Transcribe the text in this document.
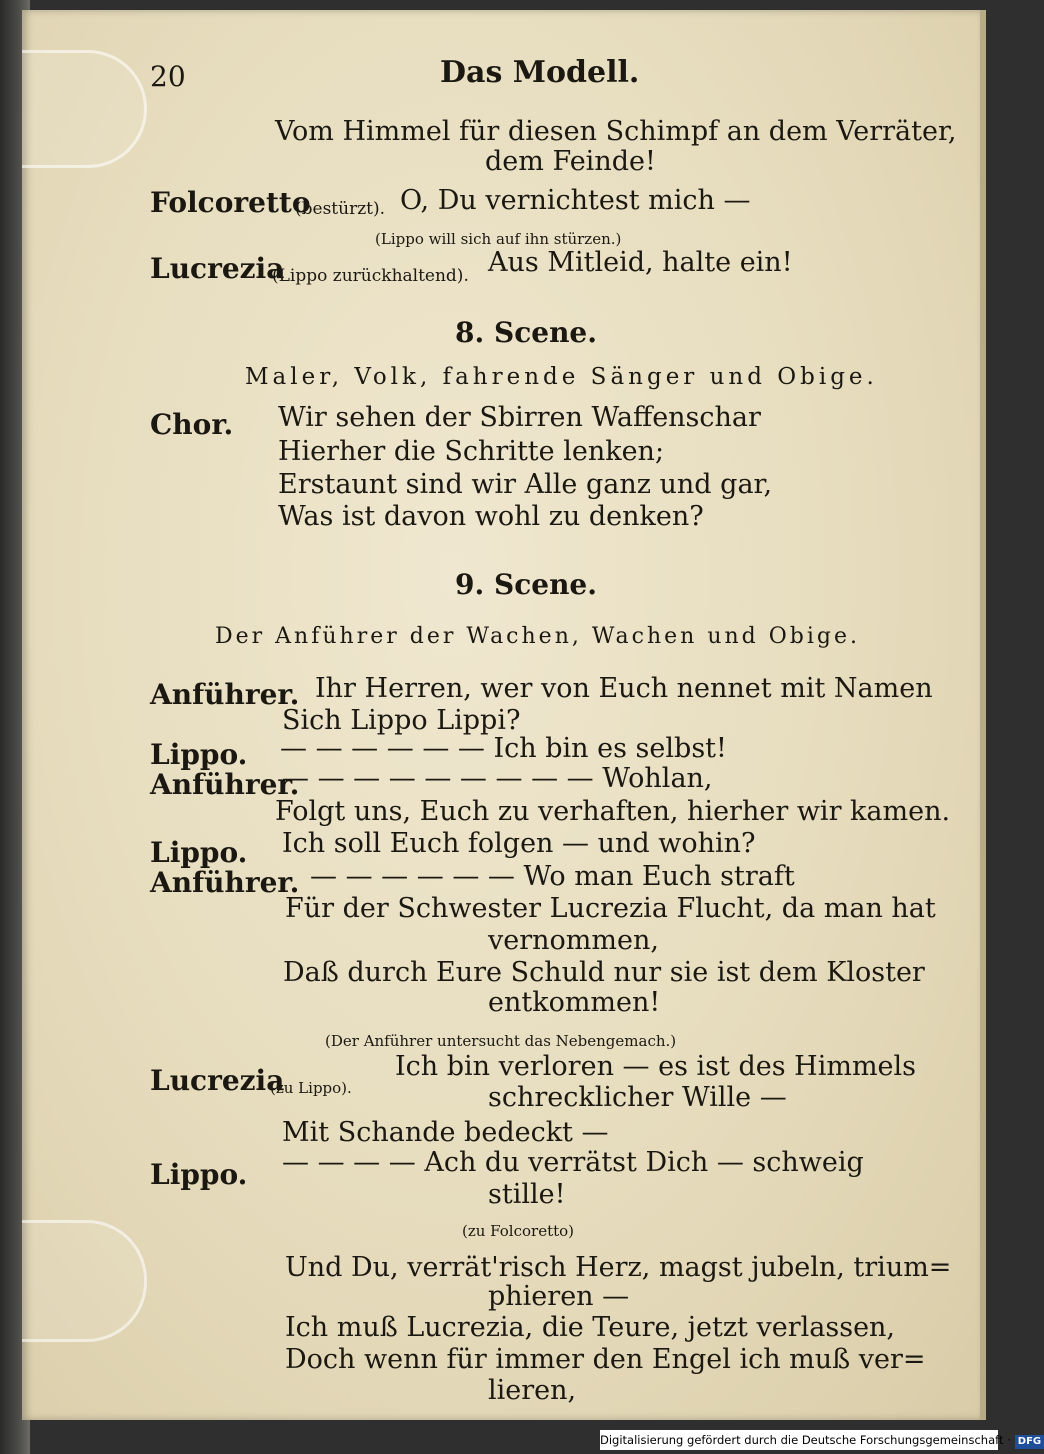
20	Das Modell.
Vom Himmel für diesen Schimpf an dem Verräter,
dem Feinde!
Folcoretto
(bestürzt). O, Du vernichtest mich —
(Lippo will sich auf ihn stürzen.)
Lucrezia
(Lippo zurückhaltend). Aus Mitleid, halte ein!
8. Scene.
Maler, Volk, fahrende Sänger und Obige.
Chor. Wir sehen der Sbirren Waffenschar
Hierher die Schritte lenken;
Erstaunt sind wir Alle ganz und gar,
Was ist davon wohl zu denken?
9. Scene.
Der Anführer der Wachen, Wachen und Obige.
Anführer. Ihr Herren, wer von Euch nennet mit Namen
Sich Lippo Lippi?
Lippo. — — — — — — Ich bin es selbst!
Anführer.
— — — — — — — — — Wohlan,
Folgt uns, Euch zu verhaften, hierher wir kamen.
Lippo. Ich soll Euch folgen — und wohin?
Anführer. — — — — — — Wo man Euch straft
Für der Schwester Lucrezia Flucht, da man hat
vernommen,
Daß durch Eure Schuld nur sie ist dem Kloster
entkommen!
(Der Anführer untersucht das Nebengemach.)
Lucrezia
(zu Lippo).
Ich bin verloren — es ist des Himmels
schrecklicher Wille —
Mit Schande bedeckt —
Lippo. — — — — Ach du verrätst Dich — schweig
stille!
(zu Folcoretto)
Und Du, verrät'risch Herz, magst jubeln, trium=
phieren —
Ich muß Lucrezia, die Teure, jetzt verlassen,
Doch wenn für immer den Engel ich muß ver=
lieren,
Digitalisierung gefördert durch die Deutsche Forschungsgemeinschaft · DFG
